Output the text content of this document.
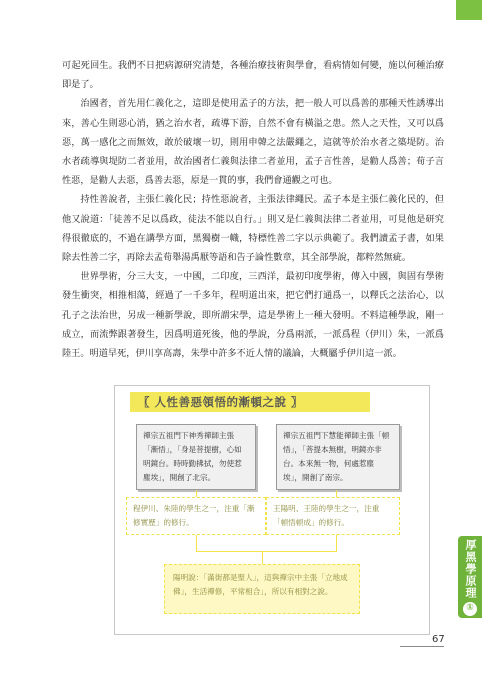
可起死回生。我們不日把病源研究清楚，各種治療技術與學會，看病情如何變，施以何種治療即是了。

治國者，首先用仁義化之，這即是使用孟子的方法，把一般人可以爲善的那種天性誘導出來，善心生則惡心消，猶之治水者，疏導下游，自然不會有橫溢之患。然人之天性，又可以爲惡，萬一感化之而無效，敢於破壞一切，則用申韓之法嚴繩之，這就等於治水者之築堤防。治水者疏導與堤防二者並用，故治國者仁義與法律二者並用，孟子言性善，是勸人爲善；荀子言性惡，是勸人去惡，爲善去惡，原是一貫的事，我們會通觀之可也。

持性善說者，主張仁義化民；持性惡說者，主張法律繩民。孟子本是主張仁義化民的，但他又說道：「徒善不足以爲政，徒法不能以自行。」則又是仁義與法律二者並用，可見他是研究得很徹底的，不過在講學方面，黑獨樹一幟，特標性善二字以示典範了。我們讀孟子書，如果除去性善二字，再除去孟荀舉湯禹厭等語和告子論性數章，其全部學說，都粹然無疵。

世界學術，分三大支，一中國，二印度，三西洋，最初印度學術，傳入中國，與固有學術發生衝突，相推相蕩，經過了一千多年，程明道出來，把它們打通爲一，以釋氏之法治心，以孔子之法治世，另成一種新學說，即所謂宋學，這是學術上一種大發明。不料這種學說，剛一成立，而流弊跟著發生，因爲明道死後，他的學說，分爲兩派，一派爲程（伊川）朱，一派爲陸王。明道早死，伊川享高壽，朱學中許多不近人情的議論，大概屬乎伊川這一派。

〖 人性善惡領悟的漸頓之說 〗

禪宗五祖門下神秀禪師主張「漸悟」，「身是菩提樹，心如明鏡台。時時勤拂拭，勿使惹塵埃」，開創了北宗。

禪宗五祖門下慧能禪師主張「頓悟」，「菩提本無樹，明鏡亦非台。本來無一物，何處惹塵埃」，開創了南宗。

程伊川、朱陸的學生之一，注重「漸修實歷」的修行。

王陽明、王陸的學生之一，注重「頓悟頓成」的修行。

陽明說：「滿街都是聖人」，這與禪宗中主張「立地成佛」，生活禪修，平常相合」，所以有相對之說。	厚黑學原理
①
67
